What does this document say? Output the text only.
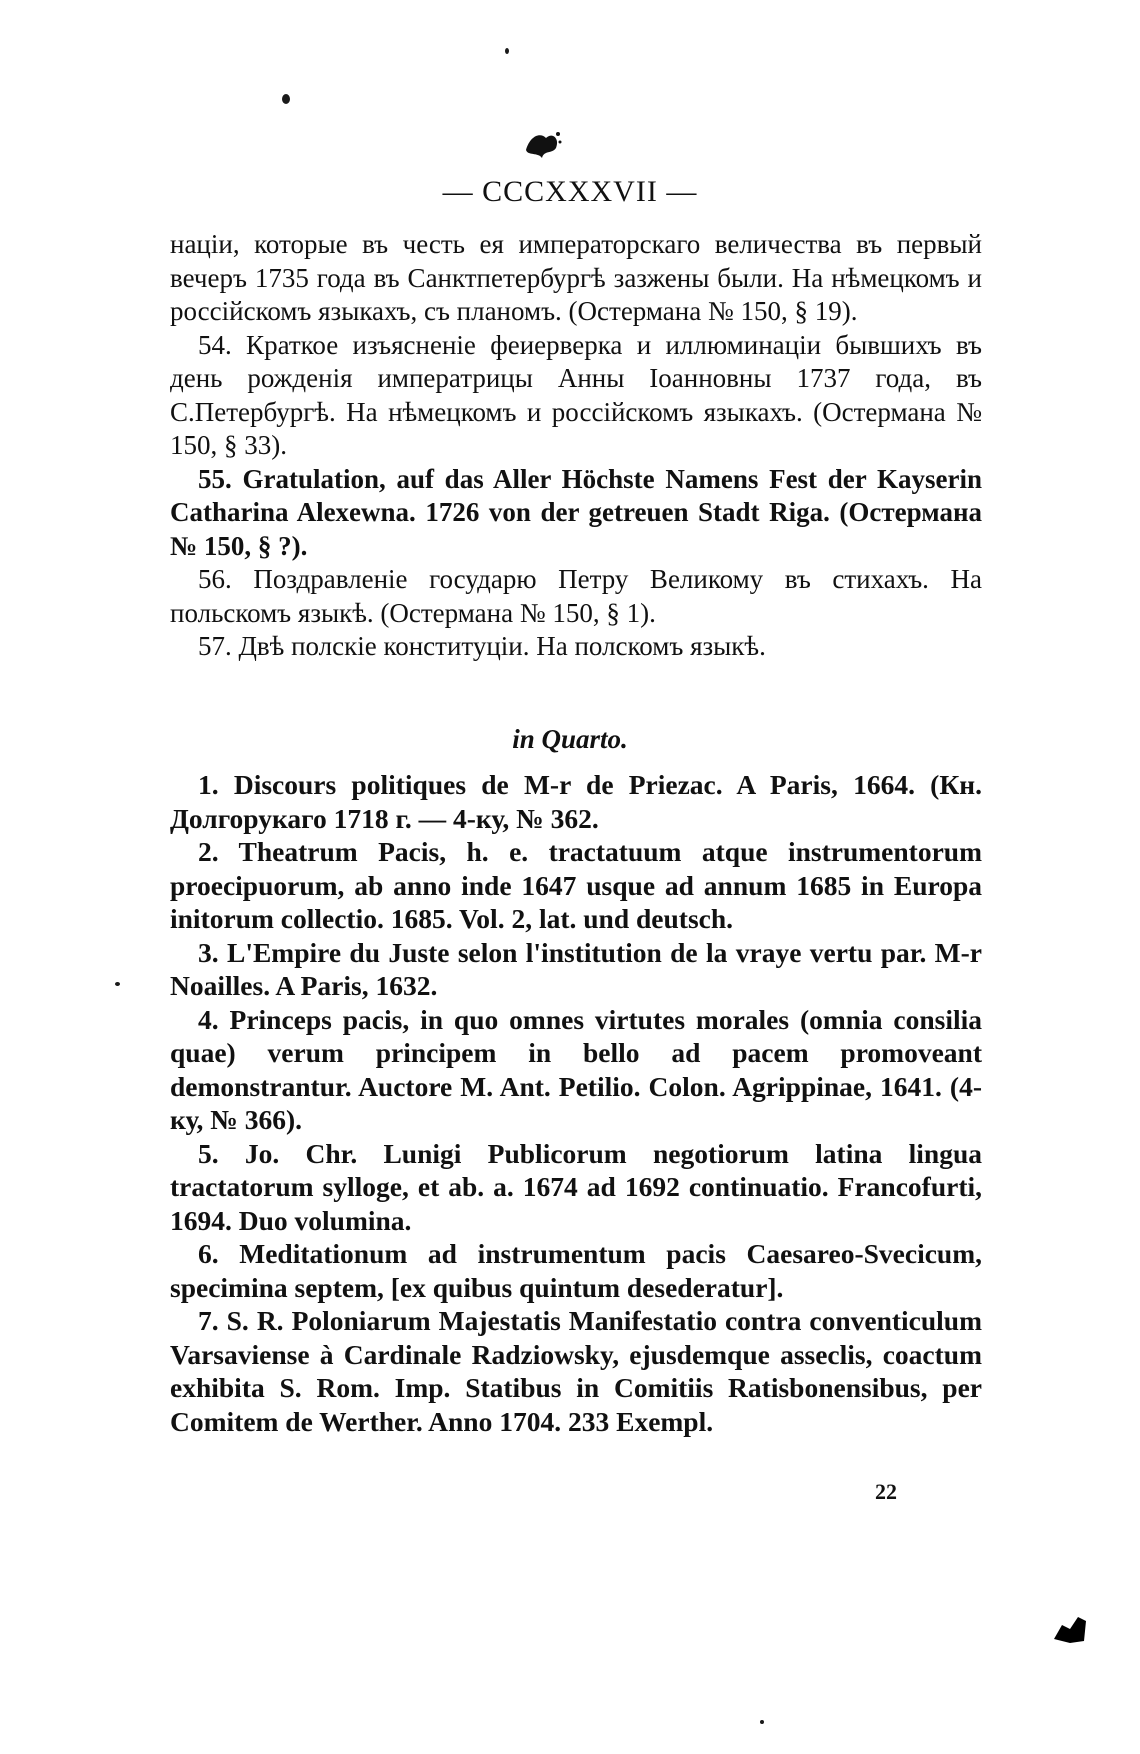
— CCCXXXVII —

нацiи, которые въ честь ея императорскаго величества въ первый вечеръ 1735 года въ Санктпетербургѣ зазжены были. На нѣмецкомъ и россiйскомъ языкахъ, съ планомъ. (Остермана № 150, § 19).

54. Краткое изъясненiе феиерверка и иллюминацiи бывшихъ въ день рожденiя императрицы Анны Iоанновны 1737 года, въ С.Петербургѣ. На нѣмецкомъ и россiйскомъ языкахъ. (Остермана № 150, § 33).

55. Gratulation, auf das Aller Höchste Namens Fest der Kayserin Catharina Alexewna. 1726 von der getreuen Stadt Riga. (Остермана № 150, § ?).

56. Поздравленiе государю Петру Великому въ стихахъ. На польскомъ языкѣ. (Остермана № 150, § 1).

57. Двѣ полскiе конституцiи. На полскомъ языкѣ.

in Quarto.

1. Discours politiques de M-r de Priezac. A Paris, 1664. (Кн. Долгорукаго 1718 г. — 4-ку, № 362.

2. Theatrum Pacis, h. e. tractatuum atque instrumentorum proecipuorum, ab anno inde 1647 usque ad annum 1685 in Europa initorum collectio. 1685. Vol. 2, lat. und deutsch.

3. L'Empire du Juste selon l'institution de la vraye vertu par. M-r Noailles. A Paris, 1632.

4. Princeps pacis, in quo omnes virtutes morales (omnia consilia quae) verum principem in bello ad pacem promoveant demonstrantur. Auctore M. Ant. Petilio. Colon. Agrippinae, 1641. (4-ку, № 366).

5. Jo. Chr. Lunigi Publicorum negotiorum latina lingua tractatorum sylloge, et ab. a. 1674 ad 1692 continuatio. Francofurti, 1694. Duo volumina.

6. Meditationum ad instrumentum pacis Caesareo-Svecicum, specimina septem, [ex quibus quintum desederatur].

7. S. R. Poloniarum Majestatis Manifestatio contra conventiculum Varsaviense à Cardinale Radziowsky, ejusdemque asseclis, coactum exhibita S. Rom. Imp. Statibus in Comitiis Ratisbonensibus, per Comitem de Werther. Anno 1704. 233 Exempl.

22
